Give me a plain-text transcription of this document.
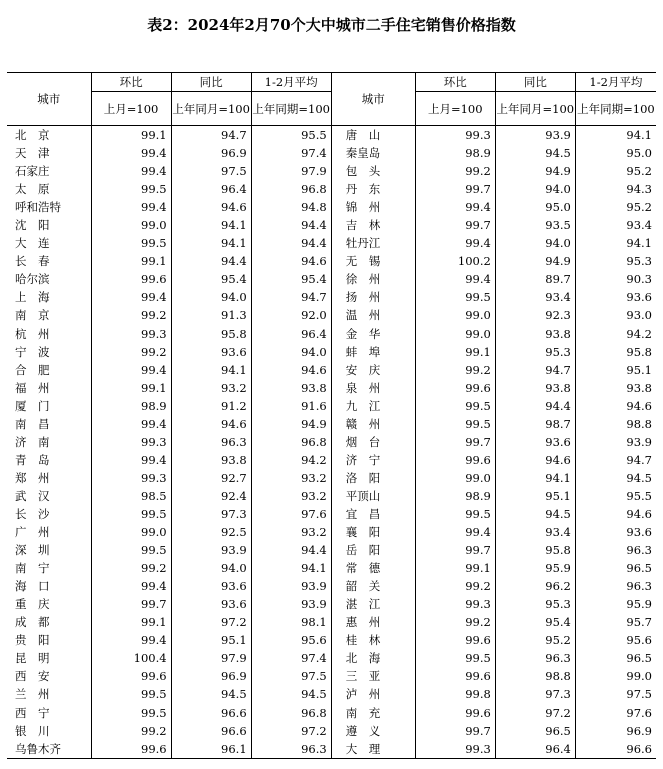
表2：2024年2月70个大中城市二手住宅销售价格指数
城市	环比	同比	1-2月平均	城市	环比	同比	1-2月平均
	上月=100	上年同月=100	上年同期=100		上月=100	上年同月=100	上年同期=100
北　京	99.1	94.7	95.5	唐　山	99.3	93.9	94.1
天　津	99.4	96.9	97.4	秦皇岛	98.9	94.5	95.0
石家庄	99.4	97.5	97.9	包　头	99.2	94.9	95.2
太　原	99.5	96.4	96.8	丹　东	99.7	94.0	94.3
呼和浩特	99.4	94.6	94.8	锦　州	99.4	95.0	95.2
沈　阳	99.0	94.1	94.4	吉　林	99.7	93.5	93.4
大　连	99.5	94.1	94.4	牡丹江	99.4	94.0	94.1
长　春	99.1	94.4	94.6	无　锡	100.2	94.9	95.3
哈尔滨	99.6	95.4	95.4	徐　州	99.4	89.7	90.3
上　海	99.4	94.0	94.7	扬　州	99.5	93.4	93.6
南　京	99.2	91.3	92.0	温　州	99.0	92.3	93.0
杭　州	99.3	95.8	96.4	金　华	99.0	93.8	94.2
宁　波	99.2	93.6	94.0	蚌　埠	99.1	95.3	95.8
合　肥	99.4	94.1	94.6	安　庆	99.2	94.7	95.1
福　州	99.1	93.2	93.8	泉　州	99.6	93.8	93.8
厦　门	98.9	91.2	91.6	九　江	99.5	94.4	94.6
南　昌	99.4	94.6	94.9	赣　州	99.5	98.7	98.8
济　南	99.3	96.3	96.8	烟　台	99.7	93.6	93.9
青　岛	99.4	93.8	94.2	济　宁	99.6	94.6	94.7
郑　州	99.3	92.7	93.2	洛　阳	99.0	94.1	94.5
武　汉	98.5	92.4	93.2	平顶山	98.9	95.1	95.5
长　沙	99.5	97.3	97.6	宜　昌	99.5	94.5	94.6
广　州	99.0	92.5	93.2	襄　阳	99.4	93.4	93.6
深　圳	99.5	93.9	94.4	岳　阳	99.7	95.8	96.3
南　宁	99.2	94.0	94.1	常　德	99.1	95.9	96.5
海　口	99.4	93.6	93.9	韶　关	99.2	96.2	96.3
重　庆	99.7	93.6	93.9	湛　江	99.3	95.3	95.9
成　都	99.1	97.2	98.1	惠　州	99.2	95.4	95.7
贵　阳	99.4	95.1	95.6	桂　林	99.6	95.2	95.6
昆　明	100.4	97.9	97.4	北　海	99.5	96.3	96.5
西　安	99.6	96.9	97.5	三　亚	99.6	98.8	99.0
兰　州	99.5	94.5	94.5	泸　州	99.8	97.3	97.5
西　宁	99.5	96.6	96.8	南　充	99.6	97.2	97.6
银　川	99.2	96.6	97.2	遵　义	99.7	96.5	96.9
乌鲁木齐	99.6	96.1	96.3	大　理	99.3	96.4	96.6
